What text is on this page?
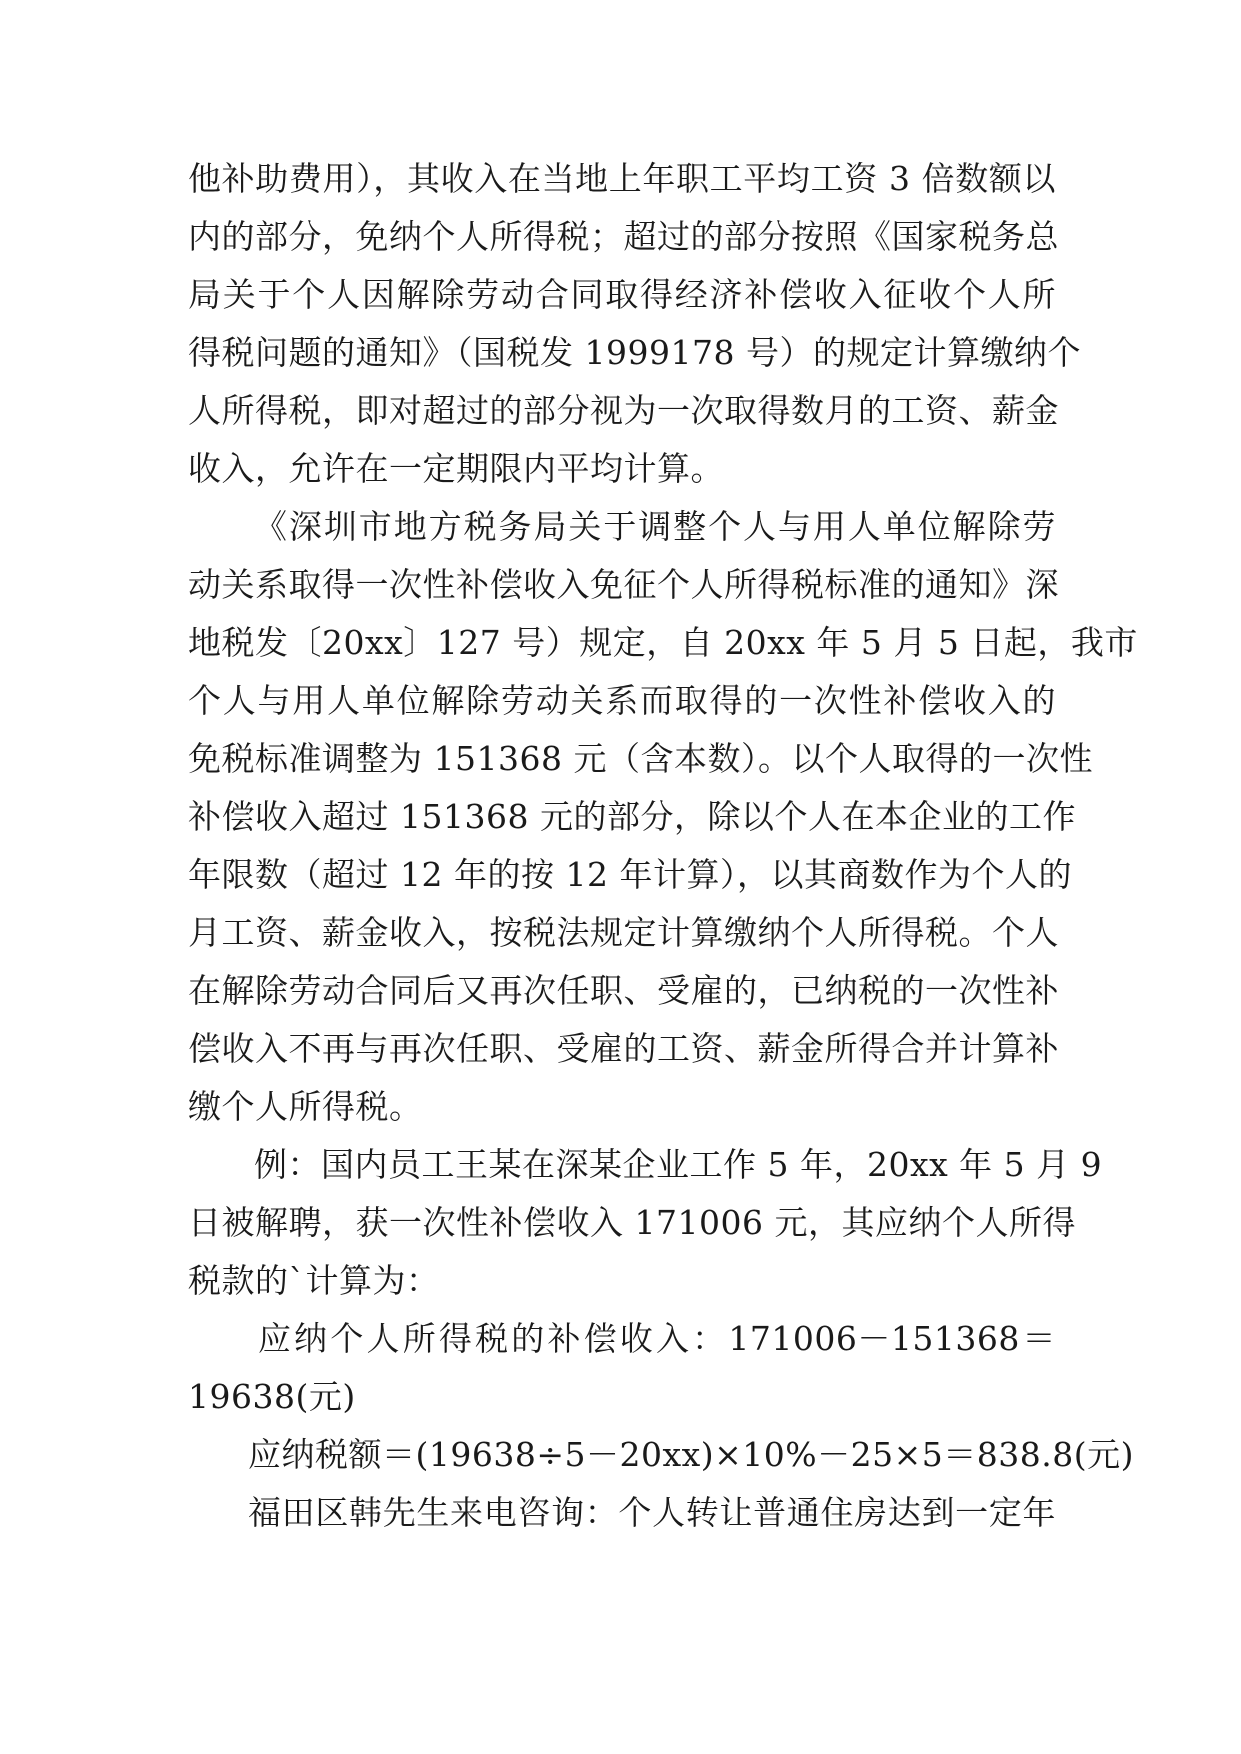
他补助费用），其收入在当地上年职工平均工资 3 倍数额以
内的部分，免纳个人所得税；超过的部分按照《国家税务总
局关于个人因解除劳动合同取得经济补偿收入征收个人所
得税问题的通知》（国税发 1999178 号）的规定计算缴纳个
人所得税，即对超过的部分视为一次取得数月的工资、薪金
收入，允许在一定期限内平均计算。
《深圳市地方税务局关于调整个人与用人单位解除劳
动关系取得一次性补偿收入免征个人所得税标准的通知》深
地税发〔20xx〕127 号）规定，自 20xx 年 5 月 5 日起，我市
个人与用人单位解除劳动关系而取得的一次性补偿收入的
免税标准调整为 151368 元（含本数）。以个人取得的一次性
补偿收入超过 151368 元的部分，除以个人在本企业的工作
年限数（超过 12 年的按 12 年计算），以其商数作为个人的
月工资、薪金收入，按税法规定计算缴纳个人所得税。个人
在解除劳动合同后又再次任职、受雇的，已纳税的一次性补
偿收入不再与再次任职、受雇的工资、薪金所得合并计算补
缴个人所得税。
例：国内员工王某在深某企业工作 5 年，20xx 年 5 月 9
日被解聘，获一次性补偿收入 171006 元，其应纳个人所得
税款的`计算为：
应纳个人所得税的补偿收入：171006－151368＝
19638(元)
应纳税额＝(19638÷5－20xx)×10%－25×5＝838.8(元)
福田区韩先生来电咨询：个人转让普通住房达到一定年
